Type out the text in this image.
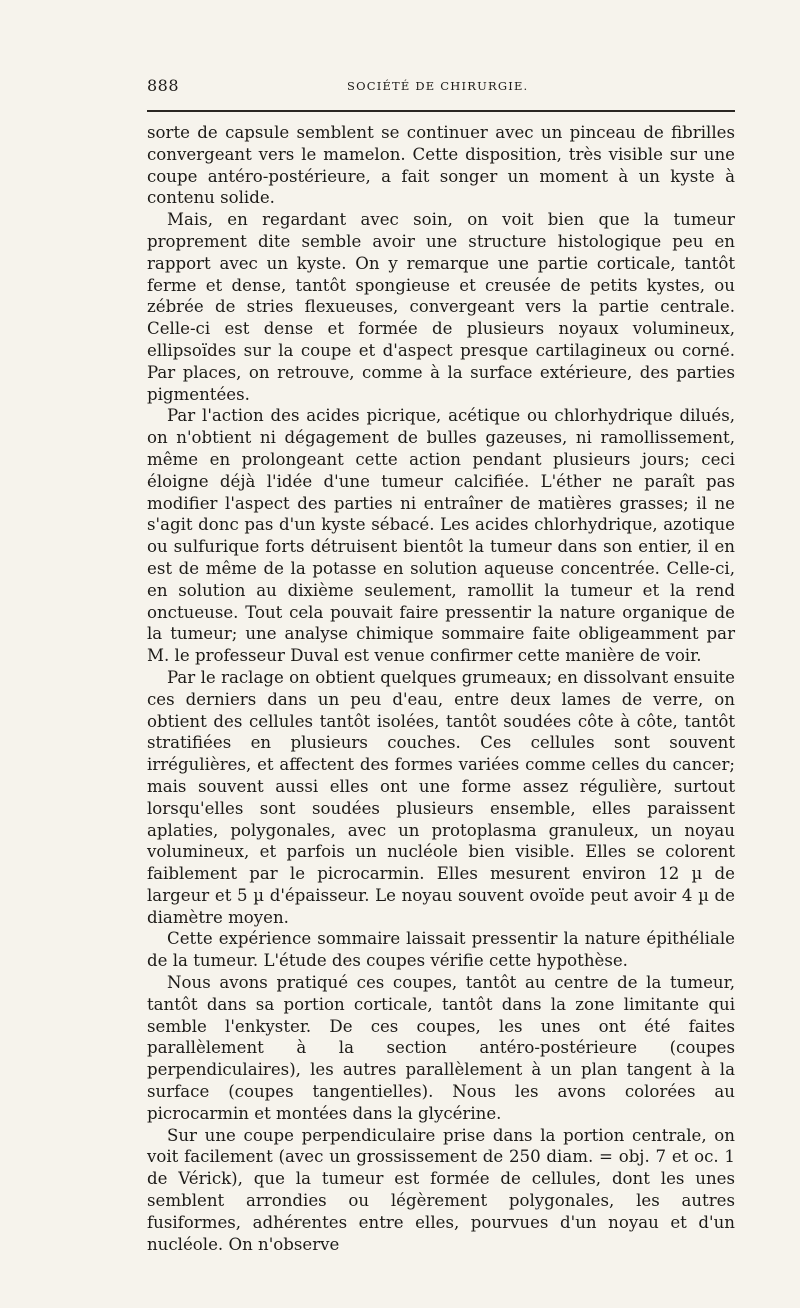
888	SOCIÉTÉ DE CHIRURGIE.

sorte de capsule semblent se continuer avec un pinceau de fibrilles convergeant vers le mamelon. Cette disposition, très visible sur une coupe antéro-postérieure, a fait songer un moment à un kyste à contenu solide.

Mais, en regardant avec soin, on voit bien que la tumeur proprement dite semble avoir une structure histologique peu en rapport avec un kyste. On y remarque une partie corticale, tantôt ferme et dense, tantôt spongieuse et creusée de petits kystes, ou zébrée de stries flexueuses, convergeant vers la partie centrale. Celle-ci est dense et formée de plusieurs noyaux volumineux, ellipsoïdes sur la coupe et d'aspect presque cartilagineux ou corné. Par places, on retrouve, comme à la surface extérieure, des parties pigmentées.

Par l'action des acides picrique, acétique ou chlorhydrique dilués, on n'obtient ni dégagement de bulles gazeuses, ni ramollissement, même en prolongeant cette action pendant plusieurs jours; ceci éloigne déjà l'idée d'une tumeur calcifiée. L'éther ne paraît pas modifier l'aspect des parties ni entraîner de matières grasses; il ne s'agit donc pas d'un kyste sébacé. Les acides chlorhydrique, azotique ou sulfurique forts détruisent bientôt la tumeur dans son entier, il en est de même de la potasse en solution aqueuse concentrée. Celle-ci, en solution au dixième seulement, ramollit la tumeur et la rend onctueuse. Tout cela pouvait faire pressentir la nature organique de la tumeur; une analyse chimique sommaire faite obligeamment par M. le professeur Duval est venue confirmer cette manière de voir.

Par le raclage on obtient quelques grumeaux; en dissolvant ensuite ces derniers dans un peu d'eau, entre deux lames de verre, on obtient des cellules tantôt isolées, tantôt soudées côte à côte, tantôt stratifiées en plusieurs couches. Ces cellules sont souvent irrégulières, et affectent des formes variées comme celles du cancer; mais souvent aussi elles ont une forme assez régulière, surtout lorsqu'elles sont soudées plusieurs ensemble, elles paraissent aplaties, polygonales, avec un protoplasma granuleux, un noyau volumineux, et parfois un nucléole bien visible. Elles se colorent faiblement par le picrocarmin. Elles mesurent environ 12 µ de largeur et 5 µ d'épaisseur. Le noyau souvent ovoïde peut avoir 4 µ de diamètre moyen.

Cette expérience sommaire laissait pressentir la nature épithéliale de la tumeur. L'étude des coupes vérifie cette hypothèse.

Nous avons pratiqué ces coupes, tantôt au centre de la tumeur, tantôt dans sa portion corticale, tantôt dans la zone limitante qui semble l'enkyster. De ces coupes, les unes ont été faites parallèlement à la section antéro-postérieure (coupes perpendiculaires), les autres parallèlement à un plan tangent à la surface (coupes tangentielles). Nous les avons colorées au picrocarmin et montées dans la glycérine.

Sur une coupe perpendiculaire prise dans la portion centrale, on voit facilement (avec un grossissement de 250 diam. = obj. 7 et oc. 1 de Vérick), que la tumeur est formée de cellules, dont les unes semblent arrondies ou légèrement polygonales, les autres fusiformes, adhérentes entre elles, pourvues d'un noyau et d'un nucléole. On n'observe
